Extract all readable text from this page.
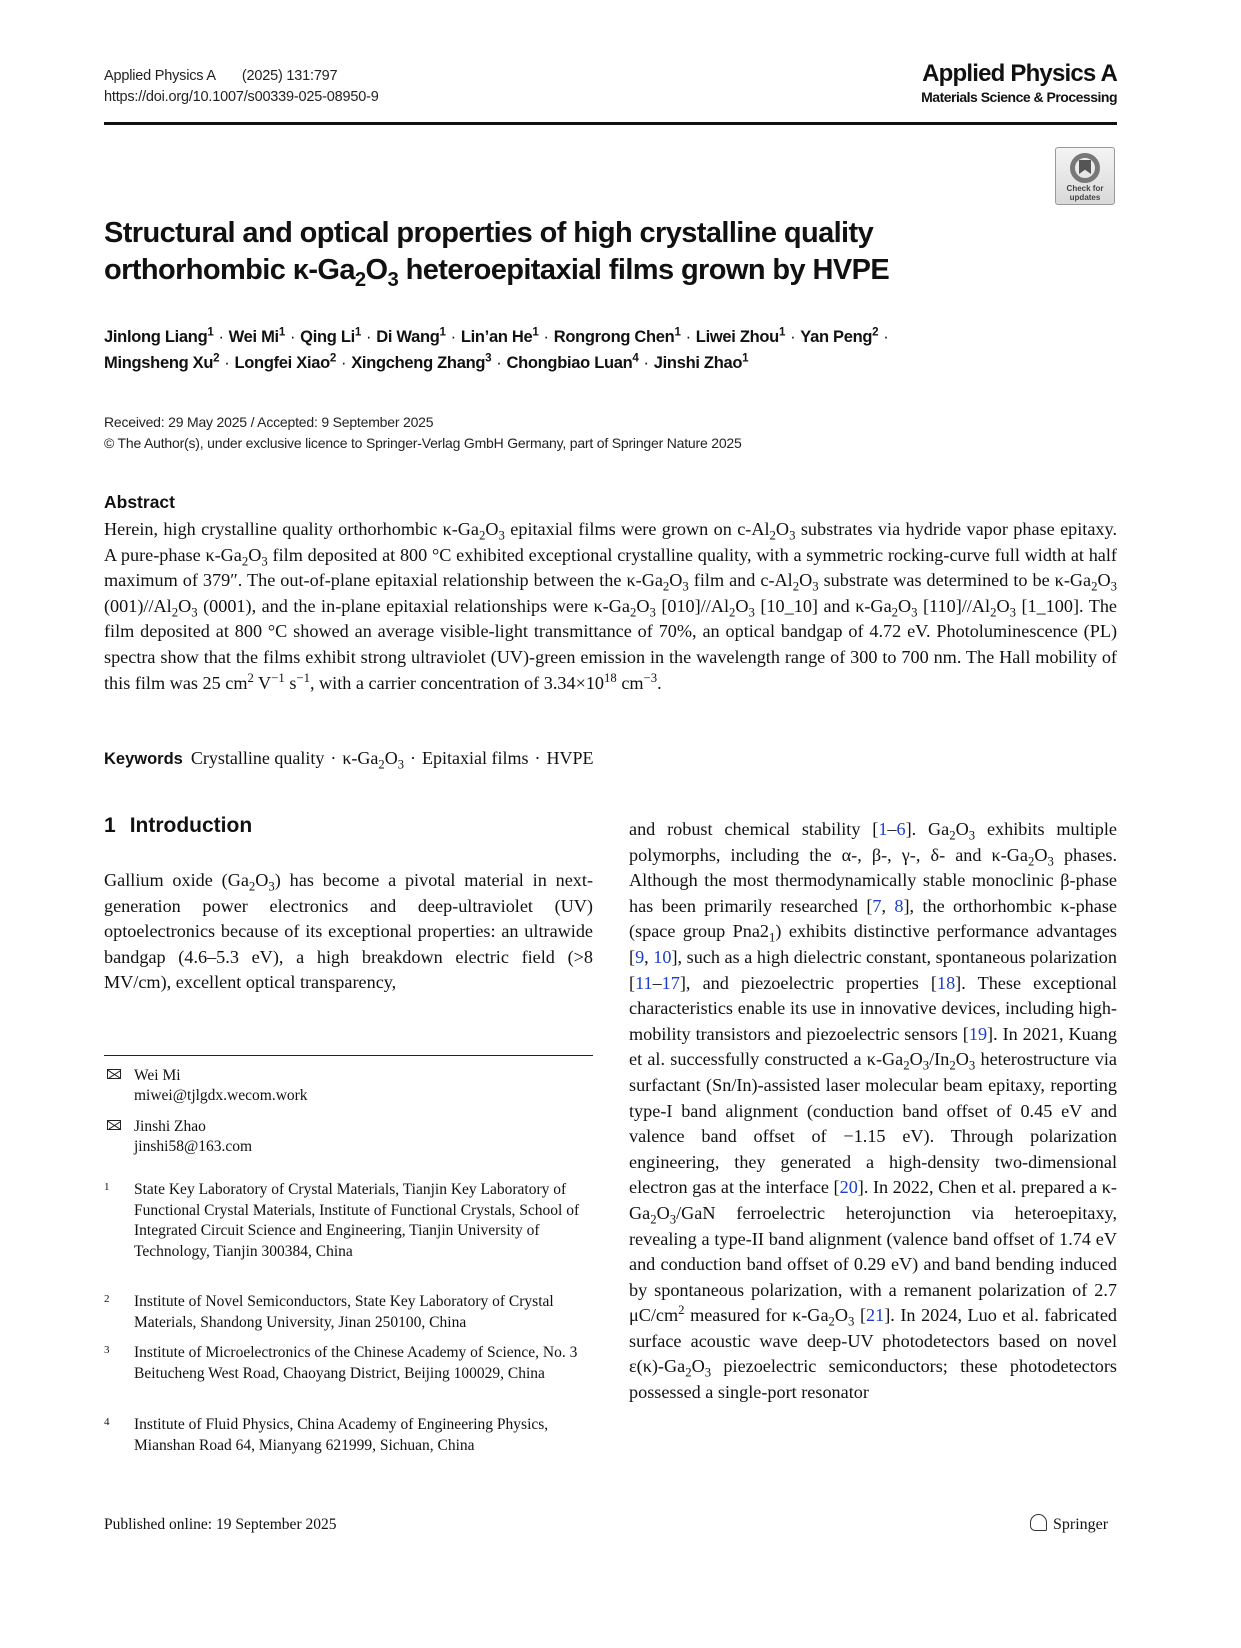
Applied Physics A (2025) 131:797
https://doi.org/10.1007/s00339-025-08950-9
Applied Physics A
Materials Science & Processing
Check for
updates
Structural and optical properties of high crystalline quality
orthorhombic $\kappa-Ga_2O_3$ heteroepitaxial films grown by HVPE
Jinlong Liang$^1$ · Wei $Mi^1$ · Qing $Li^1 \cdot Di$ Wang$^1$ · Lin’an $He^1$ · Rongrong Chen$^1$ · Liwei Zhou$^1$ · Yan Peng$^2$ ·
Mingsheng $Xu^2$ · Longfei Xiao$^2$ · Xingcheng Zhang$^3$ · Chongbiao Luan$^4$ · Jinshi Zhao$^1$
Received: 29 May 2025 / Accepted: 9 September 2025
© The Author(s), under exclusive licence to Springer-Verlag GmbH Germany, part of Springer Nature 2025
Abstract
Herein, high crystalline quality orthorhombic $\kappa-Ga_2O_3$ epitaxial films were grown on $c-Al_2O_3$ substrates via hydride vapor phase epitaxy. A pure-phase $\kappa-Ga_2O_3$ film deposited at 800 °C exhibited exceptional crystalline quality, with a symmetric rocking-curve full width at half maximum of 379″. The out-of-plane epitaxial relationship between the $\kappa-Ga_2O_3$ film and $c-Al_2O_3$ substrate was determined to be $\kappa-Ga_2O_3$ $(001)//Al_2O_3$ (0001), and the in-plane epitaxial relationships were $\kappa-Ga_2O_3$ $[010]//Al_2O_3$ [10_10] and $\kappa-Ga_2O_3$ $[110]//Al_2O_3$ [1_100]. The film deposited at 800 °C showed an average visible-light transmittance of 70%, an optical bandgap of 4.72 eV. Photoluminescence (PL) spectra show that the films exhibit strong ultraviolet (UV)-green emission in the wavelength range of 300 to 700 nm. The Hall mobility of this film was 25 $cm^2$ $V^{-1}$ $s^{-1}$, with a carrier concentration of $3.34\times 10^{18}$ $cm^{-3}$.
Keywords Crystalline quality · $\kappa-Ga_2O_3$ · Epitaxial films · HVPE
1 Introduction
Gallium oxide $(Ga_2O_3)$ has become a pivotal material in next-generation power electronics and deep-ultraviolet (UV) optoelectronics because of its exceptional properties: an ultrawide bandgap (4.6–5.3 eV), a high breakdown electric field (>8 MV/cm), excellent optical transparency,
and robust chemical stability [1–6]. $Ga_2O_3$ exhibits multiple polymorphs, including the α-, β-, γ-, δ- and $\kappa-Ga_2O_3$ phases. Although the most thermodynamically stable monoclinic β-phase has been primarily researched [7, 8], the orthorhombic κ-phase (space group $Pna2_1$) exhibits distinctive performance advantages [9, 10], such as a high dielectric constant, spontaneous polarization [11–17], and piezoelectric properties [18]. These exceptional characteristics enable its use in innovative devices, including high-mobility transistors and piezoelectric sensors [19]. In 2021, Kuang et al. successfully constructed a $\kappa-Ga_2O_3/In_2O_3$ heterostructure via surfactant (Sn/In)-assisted laser molecular beam epitaxy, reporting type-I band alignment (conduction band offset of 0.45 eV and valence band offset of −1.15 eV). Through polarization engineering, they generated a high-density two-dimensional electron gas at the interface [20]. In 2022, Chen et al. prepared a $\kappa-Ga_2O_3$/GaN ferroelectric heterojunction via heteroepitaxy, revealing a type-II band alignment (valence band offset of 1.74 eV and conduction band offset of 0.29 eV) and band bending induced by spontaneous polarization, with a remanent polarization of 2.7 $\mu C/cm^2$ measured for $\kappa-Ga_2O_3$ [21]. In 2024, Luo et al. fabricated surface acoustic wave deep-UV photodetectors based on novel $\varepsilon(\kappa)-Ga_2O_3$ piezoelectric semiconductors; these photodetectors possessed a single-port resonator
Wei Mi
miwei@tjlgdx.wecom.work
Jinshi Zhao
jinshi58@163.com
1 State Key Laboratory of Crystal Materials, Tianjin Key Laboratory of Functional Crystal Materials, Institute of Functional Crystals, School of Integrated Circuit Science and Engineering, Tianjin University of Technology, Tianjin 300384, China
2 Institute of Novel Semiconductors, State Key Laboratory of Crystal Materials, Shandong University, Jinan 250100, China
3 Institute of Microelectronics of the Chinese Academy of Science, No. 3 Beitucheng West Road, Chaoyang District, Beijing 100029, China
4 Institute of Fluid Physics, China Academy of Engineering Physics, Mianshan Road 64, Mianyang 621999, Sichuan, China
Published online: 19 September 2025	Springer
